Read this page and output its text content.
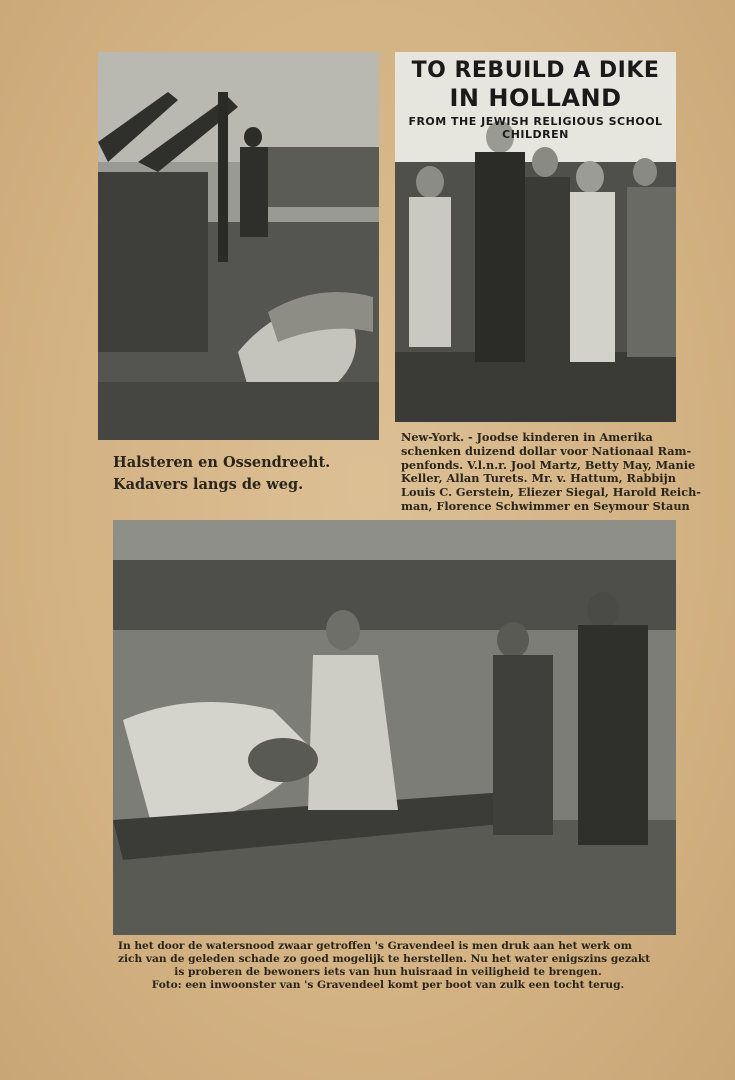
TO REBUILD A DIKE
IN HOLLAND
FROM THE JEWISH RELIGIOUS SCHOOL CHILDREN
Halsteren en Ossendreeht.
Kadavers langs de weg.
New-York. - Joodse kinderen in Amerika
schenken duizend dollar voor Nationaal Ram-
penfonds. V.l.n.r. Jool Martz, Betty May, Manie
Keller, Allan Turets. Mr. v. Hattum, Rabbijn
Louis C. Gerstein, Eliezer Siegal, Harold Reich-
man, Florence Schwimmer en Seymour Staun
In het door de watersnood zwaar getroffen 's Gravendeel is men druk aan het werk om
zich van de geleden schade zo goed mogelijk te herstellen. Nu het water enigszins gezakt
is proberen de bewoners iets van hun huisraad in veiligheid te brengen.
Foto: een inwoonster van 's Gravendeel komt per boot van zulk een tocht terug.
